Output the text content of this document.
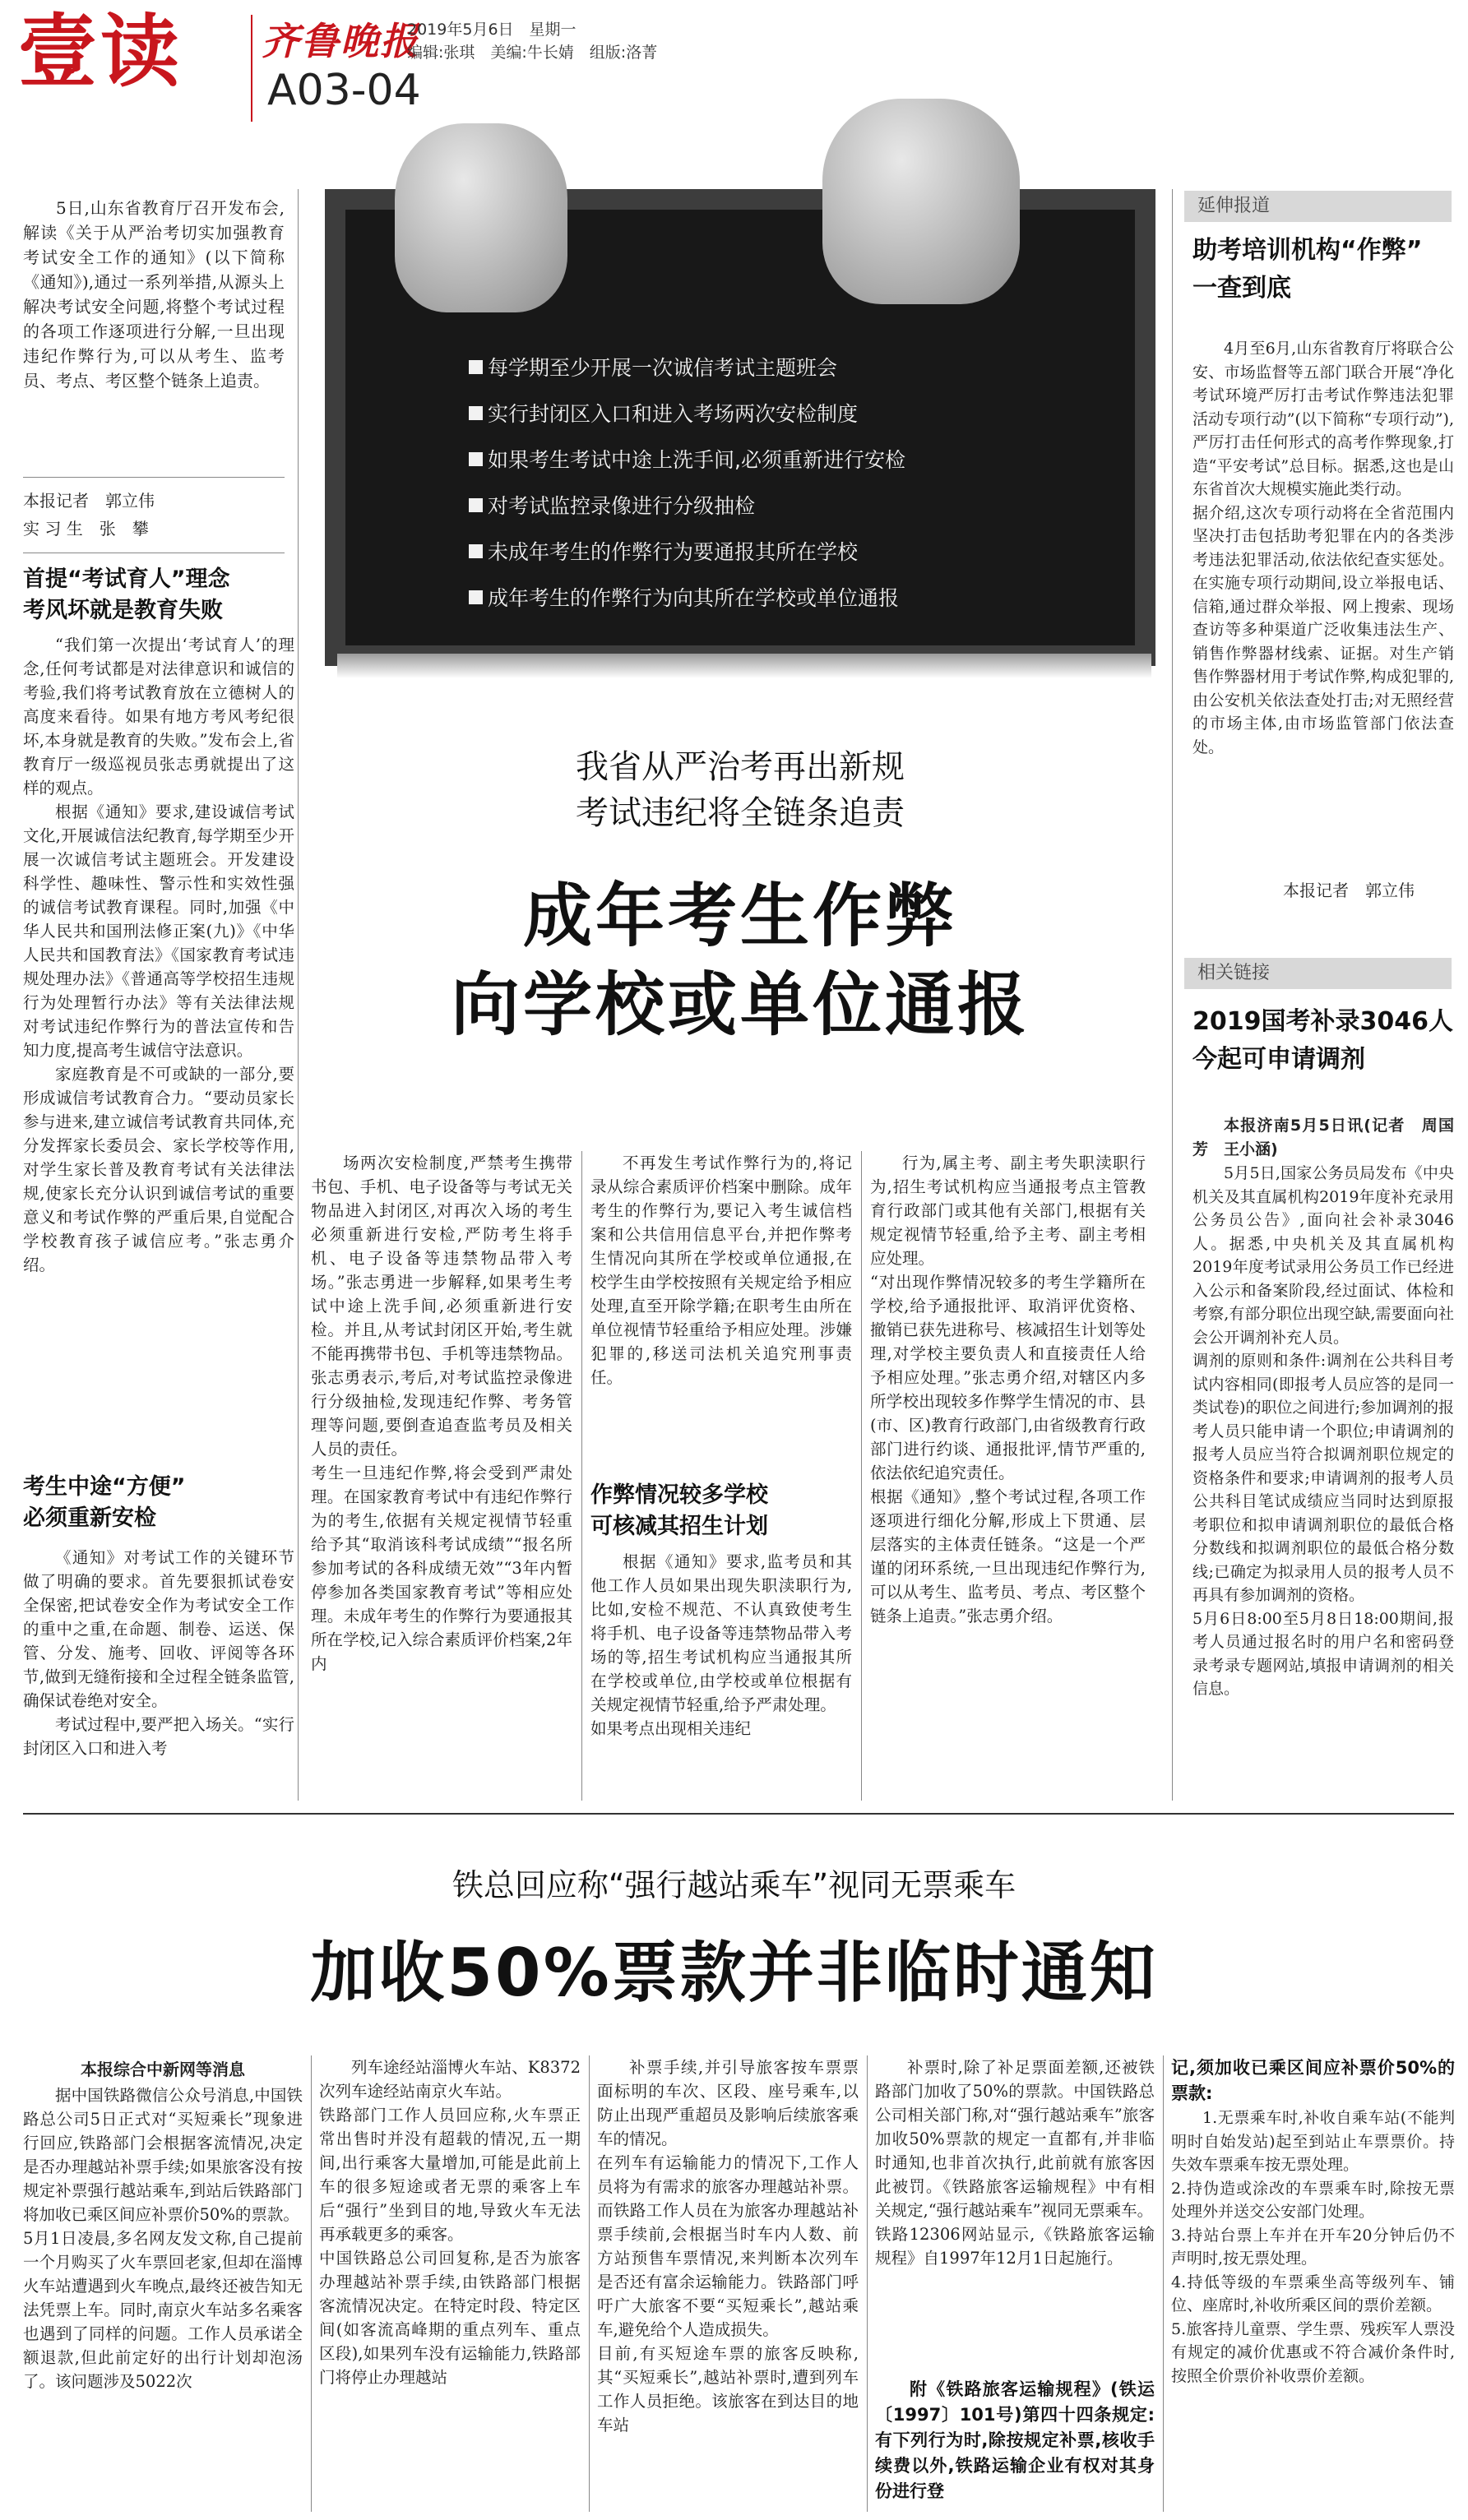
壹读 齐鲁晚报
A03-04
2019年5月6日　星期一
编辑:张琪　美编:牛长婧　组版:洛菁

5日,山东省教育厅召开发布会,解读《关于从严治考切实加强教育考试安全工作的通知》(以下简称《通知》),通过一系列举措,从源头上解决考试安全问题,将整个考试过程的各项工作逐项进行分解,一旦出现违纪作弊行为,可以从考生、监考员、考点、考区整个链条上追责。

本报记者　郭立伟
实 习 生　张　攀
首提“考试育人”理念
考风坏就是教育失败

“我们第一次提出‘考试育人’的理念,任何考试都是对法律意识和诚信的考验,我们将考试教育放在立德树人的高度来看待。如果有地方考风考纪很坏,本身就是教育的失败。”发布会上,省教育厅一级巡视员张志勇就提出了这样的观点。

根据《通知》要求,建设诚信考试文化,开展诚信法纪教育,每学期至少开展一次诚信考试主题班会。开发建设科学性、趣味性、警示性和实效性强的诚信考试教育课程。同时,加强《中华人民共和国刑法修正案(九)》《中华人民共和国教育法》《国家教育考试违规处理办法》《普通高等学校招生违规行为处理暂行办法》等有关法律法规对考试违纪作弊行为的普法宣传和告知力度,提高考生诚信守法意识。

家庭教育是不可或缺的一部分,要形成诚信考试教育合力。“要动员家长参与进来,建立诚信考试教育共同体,充分发挥家长委员会、家长学校等作用,对学生家长普及教育考试有关法律法规,使家长充分认识到诚信考试的重要意义和考试作弊的严重后果,自觉配合学校教育孩子诚信应考。”张志勇介绍。

考生中途“方便”
必须重新安检

《通知》对考试工作的关键环节做了明确的要求。首先要狠抓试卷安全保密,把试卷安全作为考试安全工作的重中之重,在命题、制卷、运送、保管、分发、施考、回收、评阅等各环节,做到无缝衔接和全过程全链条监管,确保试卷绝对安全。

考试过程中,要严把入场关。“实行封闭区入口和进入考

每学期至少开展一次诚信考试主题班会
实行封闭区入口和进入考场两次安检制度
如果考生考试中途上洗手间,必须重新进行安检
对考试监控录像进行分级抽检
未成年考生的作弊行为要通报其所在学校
成年考生的作弊行为向其所在学校或单位通报
我省从严治考再出新规
考试违纪将全链条追责
成年考生作弊
向学校或单位通报
场两次安检制度,严禁考生携带书包、手机、电子设备等与考试无关物品进入封闭区,对再次入场的考生必须重新进行安检,严防考生将手机、电子设备等违禁物品带入考场。”张志勇进一步解释,如果考生考试中途上洗手间,必须重新进行安检。并且,从考试封闭区开始,考生就不能再携带书包、手机等违禁物品。张志勇表示,考后,对考试监控录像进行分级抽检,发现违纪作弊、考务管理等问题,要倒查追查监考员及相关人员的责任。
考生一旦违纪作弊,将会受到严肃处理。在国家教育考试中有违纪作弊行为的考生,依据有关规定视情节轻重给予其“取消该科考试成绩”“报名所参加考试的各科成绩无效”“3年内暂停参加各类国家教育考试”等相应处理。未成年考生的作弊行为要通报其所在学校,记入综合素质评价档案,2年内
不再发生考试作弊行为的,将记录从综合素质评价档案中删除。成年考生的作弊行为,要记入考生诚信档案和公共信用信息平台,并把作弊考生情况向其所在学校或单位通报,在校学生由学校按照有关规定给予相应处理,直至开除学籍;在职考生由所在单位视情节轻重给予相应处理。涉嫌犯罪的,移送司法机关追究刑事责任。
作弊情况较多学校
可核减其招生计划
根据《通知》要求,监考员和其他工作人员如果出现失职渎职行为,比如,安检不规范、不认真致使考生将手机、电子设备等违禁物品带入考场的等,招生考试机构应当通报其所在学校或单位,由学校或单位根据有关规定视情节轻重,给予严肃处理。
如果考点出现相关违纪
行为,属主考、副主考失职渎职行为,招生考试机构应当通报考点主管教育行政部门或其他有关部门,根据有关规定视情节轻重,给予主考、副主考相应处理。
“对出现作弊情况较多的考生学籍所在学校,给予通报批评、取消评优资格、撤销已获先进称号、核减招生计划等处理,对学校主要负责人和直接责任人给予相应处理。”张志勇介绍,对辖区内多所学校出现较多作弊学生情况的市、县(市、区)教育行政部门,由省级教育行政部门进行约谈、通报批评,情节严重的,依法依纪追究责任。
根据《通知》,整个考试过程,各项工作逐项进行细化分解,形成上下贯通、层层落实的主体责任链条。“这是一个严谨的闭环系统,一旦出现违纪作弊行为,可以从考生、监考员、考点、考区整个链条上追责。”张志勇介绍。
延伸报道
助考培训机构“作弊”
一查到底
4月至6月,山东省教育厅将联合公安、市场监督等五部门联合开展“净化考试环境严厉打击考试作弊违法犯罪活动专项行动”(以下简称“专项行动”),严厉打击任何形式的高考作弊现象,打造“平安考试”总目标。据悉,这也是山东省首次大规模实施此类行动。
据介绍,这次专项行动将在全省范围内坚决打击包括助考犯罪在内的各类涉考违法犯罪活动,依法依纪查实惩处。在实施专项行动期间,设立举报电话、信箱,通过群众举报、网上搜索、现场查访等多种渠道广泛收集违法生产、销售作弊器材线索、证据。对生产销售作弊器材用于考试作弊,构成犯罪的,由公安机关依法查处打击;对无照经营的市场主体,由市场监管部门依法查处。
本报记者　郭立伟
相关链接
2019国考补录3046人
今起可申请调剂
本报济南5月5日讯(记者　周国芳　王小涵)
5月5日,国家公务员局发布《中央机关及其直属机构2019年度补充录用公务员公告》,面向社会补录3046人。据悉,中央机关及其直属机构2019年度考试录用公务员工作已经进入公示和备案阶段,经过面试、体检和考察,有部分职位出现空缺,需要面向社会公开调剂补充人员。
调剂的原则和条件:调剂在公共科目考试内容相同(即报考人员应答的是同一类试卷)的职位之间进行;参加调剂的报考人员只能申请一个职位;申请调剂的报考人员应当符合拟调剂职位规定的资格条件和要求;申请调剂的报考人员公共科目笔试成绩应当同时达到原报考职位和拟申请调剂职位的最低合格分数线和拟调剂职位的最低合格分数线;已确定为拟录用人员的报考人员不再具有参加调剂的资格。
5月6日8:00至5月8日18:00期间,报考人员通过报名时的用户名和密码登录考录专题网站,填报申请调剂的相关信息。
铁总回应称“强行越站乘车”视同无票乘车
加收50%票款并非临时通知
本报综合中新网等消息
据中国铁路微信公众号消息,中国铁路总公司5日正式对“买短乘长”现象进行回应,铁路部门会根据客流情况,决定是否办理越站补票手续;如果旅客没有按规定补票强行越站乘车,到站后铁路部门将加收已乘区间应补票价50%的票款。
5月1日凌晨,多名网友发文称,自己提前一个月购买了火车票回老家,但却在淄博火车站遭遇到火车晚点,最终还被告知无法凭票上车。同时,南京火车站多名乘客也遇到了同样的问题。工作人员承诺全额退款,但此前定好的出行计划却泡汤了。该问题涉及5022次
列车途经站淄博火车站、K8372次列车途经站南京火车站。
铁路部门工作人员回应称,火车票正常出售时并没有超载的情况,五一期间,出行乘客大量增加,可能是此前上车的很多短途或者无票的乘客上车后“强行”坐到目的地,导致火车无法再承载更多的乘客。
中国铁路总公司回复称,是否为旅客办理越站补票手续,由铁路部门根据客流情况决定。在特定时段、特定区间(如客流高峰期的重点列车、重点区段),如果列车没有运输能力,铁路部门将停止办理越站
补票手续,并引导旅客按车票票面标明的车次、区段、座号乘车,以防止出现严重超员及影响后续旅客乘车的情况。
在列车有运输能力的情况下,工作人员将为有需求的旅客办理越站补票。而铁路工作人员在为旅客办理越站补票手续前,会根据当时车内人数、前方站预售车票情况,来判断本次列车是否还有富余运输能力。铁路部门呼吁广大旅客不要“买短乘长”,越站乘车,避免给个人造成损失。
目前,有买短途车票的旅客反映称,其“买短乘长”,越站补票时,遭到列车工作人员拒绝。该旅客在到达目的地车站
补票时,除了补足票面差额,还被铁路部门加收了50%的票款。中国铁路总公司相关部门称,对“强行越站乘车”旅客加收50%票款的规定一直都有,并非临时通知,也非首次执行,此前就有旅客因此被罚。《铁路旅客运输规程》中有相关规定,“强行越站乘车”视同无票乘车。
铁路12306网站显示,《铁路旅客运输规程》自1997年12月1日起施行。
附《铁路旅客运输规程》(铁运〔1997〕101号)第四十四条规定:有下列行为时,除按规定补票,核收手续费以外,铁路运输企业有权对其身份进行登
记,须加收已乘区间应补票价50%的票款:
1.无票乘车时,补收自乘车站(不能判明时自始发站)起至到站止车票票价。持失效车票乘车按无票处理。
2.持伪造或涂改的车票乘车时,除按无票处理外并送交公安部门处理。
3.持站台票上车并在开车20分钟后仍不声明时,按无票处理。
4.持低等级的车票乘坐高等级列车、铺位、座席时,补收所乘区间的票价差额。
5.旅客持儿童票、学生票、残疾军人票没有规定的减价优惠或不符合减价条件时,按照全价票价补收票价差额。
